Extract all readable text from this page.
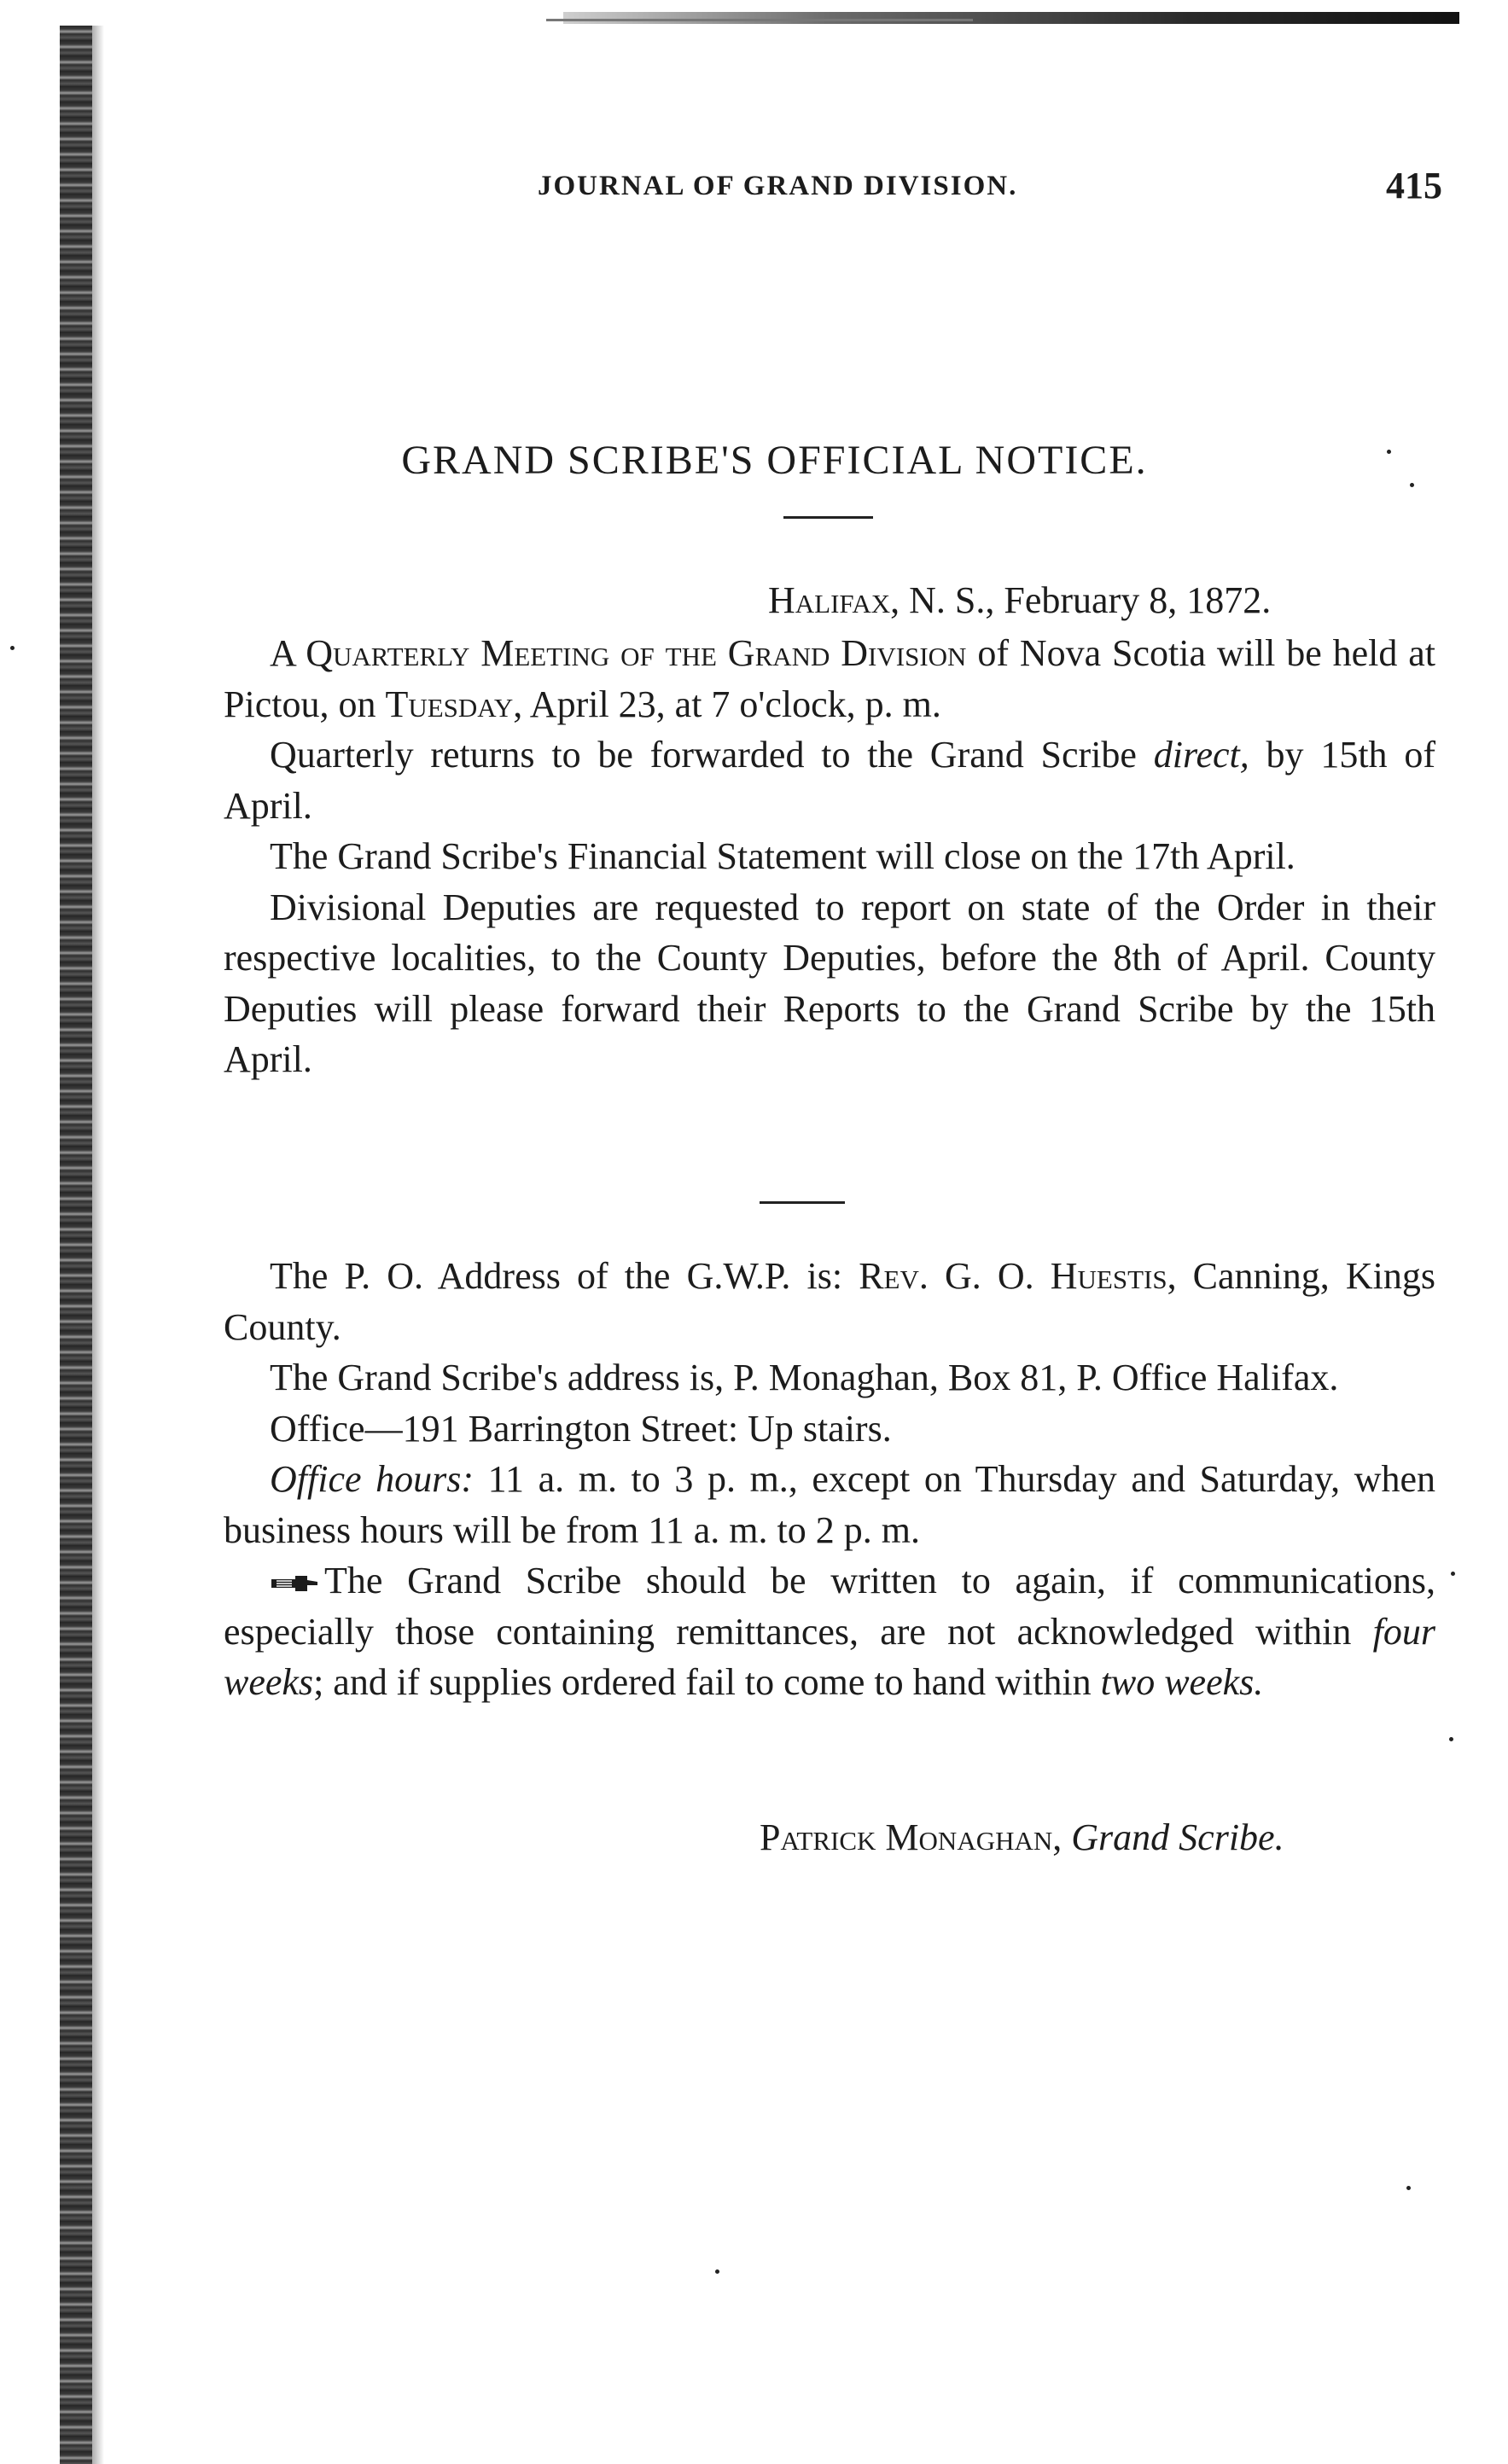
JOURNAL OF GRAND DIVISION.	415
GRAND SCRIBE'S OFFICIAL NOTICE.
Halifax, N. S., February 8, 1872.

A Quarterly Meeting of the Grand Division of Nova Scotia will be held at Pictou, on Tuesday, April 23, at 7 o'clock, p. m.

Quarterly returns to be forwarded to the Grand Scribe direct, by 15th of April.

The Grand Scribe's Financial Statement will close on the 17th April.

Divisional Deputies are requested to report on state of the Order in their respective localities, to the County Deputies, before the 8th of April. County Deputies will please forward their Reports to the Grand Scribe by the 15th April.

The P. O. Address of the G.W.P. is: Rev. G. O. Huestis, Canning, Kings County.

The Grand Scribe's address is, P. Monaghan, Box 81, P. Office Halifax.

Office—191 Barrington Street: Up stairs.

Office hours: 11 a. m. to 3 p. m., except on Thursday and Saturday, when business hours will be from 11 a. m. to 2 p. m.

The Grand Scribe should be written to again, if communications, especially those containing remittances, are not acknowledged within four weeks; and if supplies ordered fail to come to hand within two weeks.

Patrick Monaghan, Grand Scribe.
